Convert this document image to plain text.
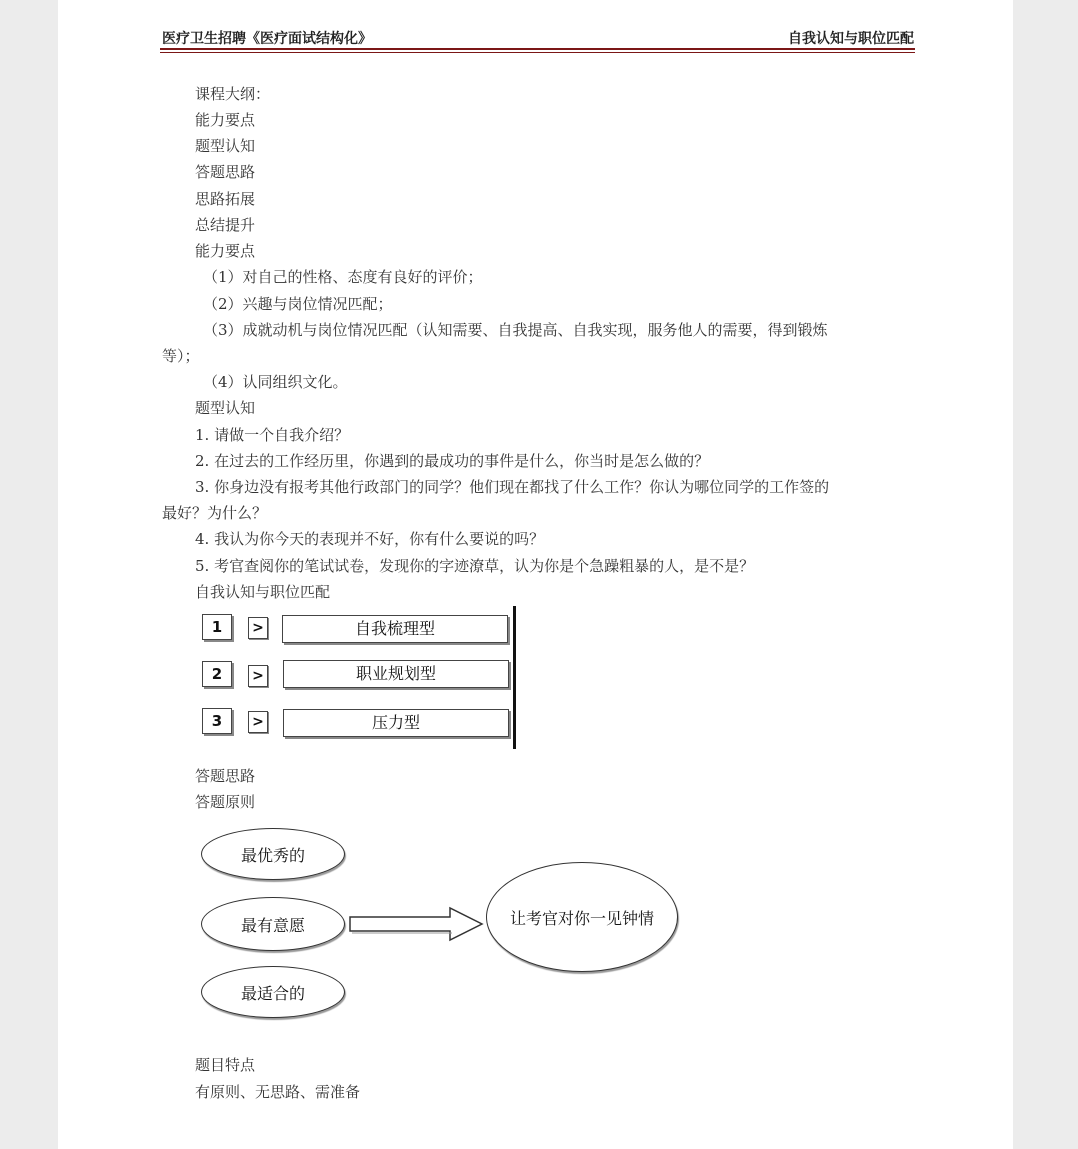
医疗卫生招聘《医疗面试结构化》	自我认知与职位匹配
课程大纲：
能力要点
题型认知
答题思路
思路拓展
总结提升
能力要点
（1）对自己的性格、态度有良好的评价；
（2）兴趣与岗位情况匹配；
（3）成就动机与岗位情况匹配（认知需要、自我提高、自我实现，服务他人的需要，得到锻炼
等）；
（4）认同组织文化。
题型认知
1. 请做一个自我介绍？
2. 在过去的工作经历里，你遇到的最成功的事件是什么，你当时是怎么做的？
3. 你身边没有报考其他行政部门的同学？他们现在都找了什么工作？你认为哪位同学的工作签的
最好？为什么？
4. 我认为你今天的表现并不好，你有什么要说的吗？
5. 考官查阅你的笔试试卷，发现你的字迹潦草，认为你是个急躁粗暴的人，是不是？
自我认知与职位匹配
1	>	自我梳理型
2	>	职业规划型
3	>	压力型
答题思路
答题原则
最优秀的
最有意愿
最适合的
让考官对你一见钟情
题目特点
有原则、无思路、需准备
